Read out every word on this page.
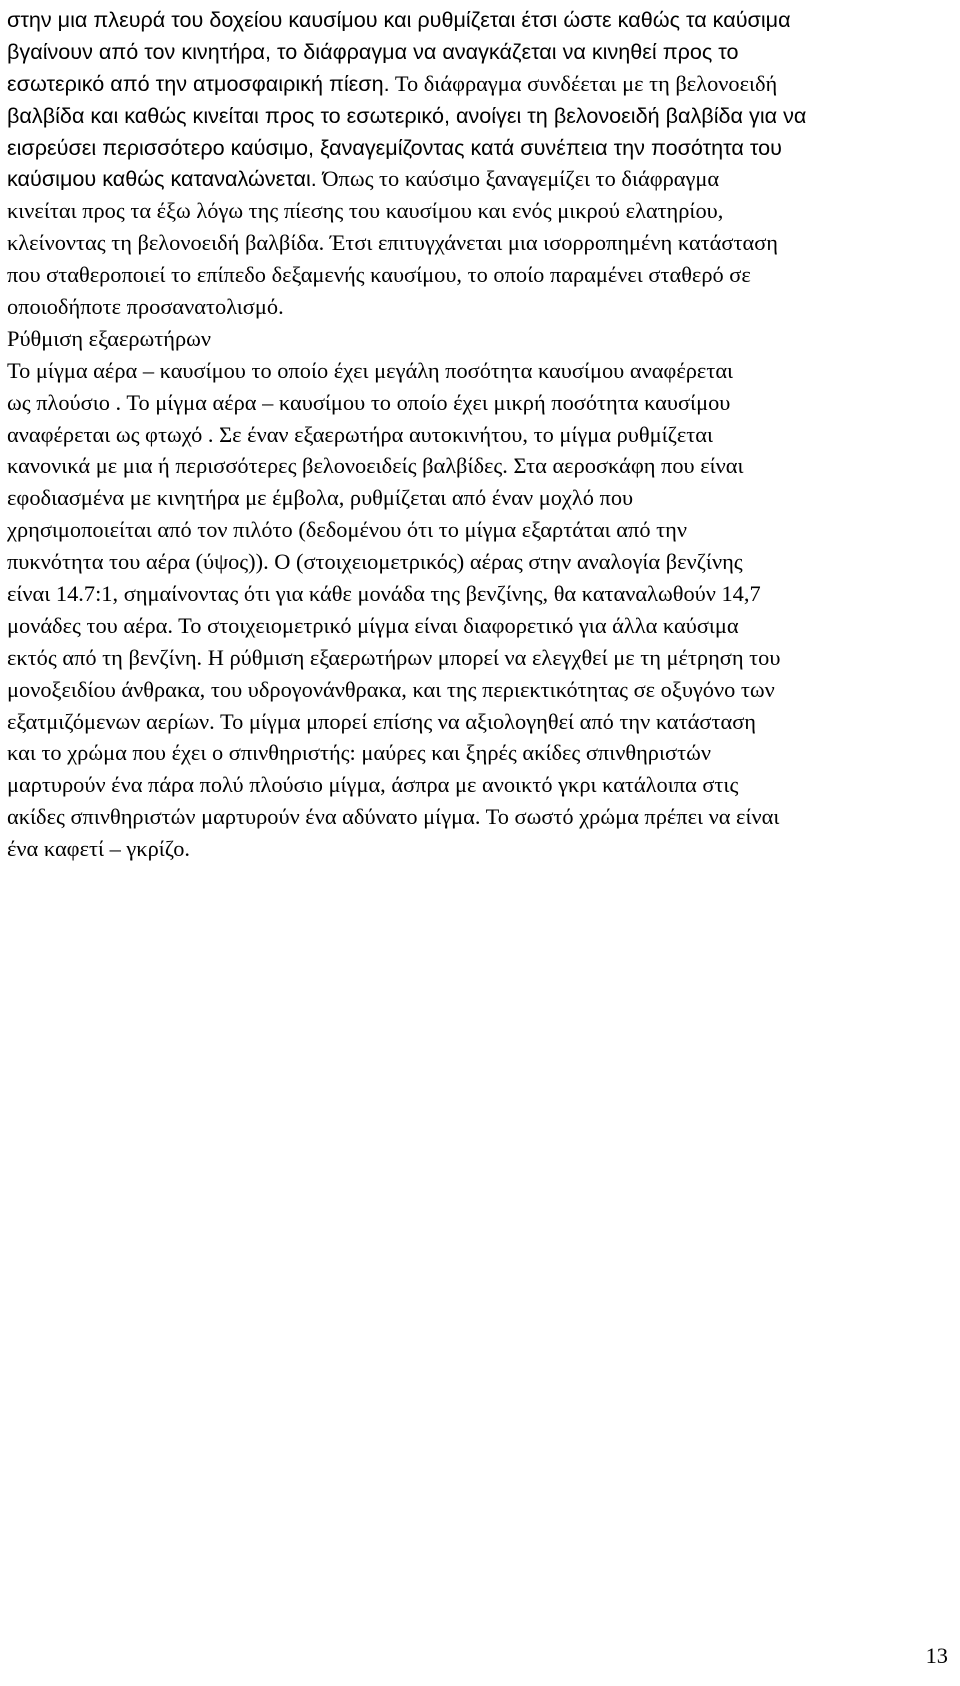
στην μια πλευρά του δοχείου καυσίμου και ρυθμίζεται έτσι ώστε καθώς τα καύσιμα
βγαίνουν από τον κινητήρα, το διάφραγμα να αναγκάζεται να κινηθεί προς το
εσωτερικό από την ατμοσφαιρική πίεση. Το διάφραγμα συνδέεται με τη βελονοειδή
βαλβίδα και καθώς κινείται προς το εσωτερικό, ανοίγει τη βελονοειδή βαλβίδα για να
εισρεύσει περισσότερο καύσιμο, ξαναγεμίζοντας κατά συνέπεια την ποσότητα του
καύσιμου καθώς καταναλώνεται. Όπως το καύσιμο ξαναγεμίζει το διάφραγμα
κινείται προς τα έξω λόγω της πίεσης του καυσίμου και ενός μικρού ελατηρίου,
κλείνοντας τη βελονοειδή βαλβίδα. Έτσι επιτυγχάνεται μια ισορροπημένη κατάσταση
που σταθεροποιεί το επίπεδο δεξαμενής καυσίμου, το οποίο παραμένει σταθερό σε
οποιοδήποτε προσανατολισμό.
Ρύθμιση εξαερωτήρων
Το μίγμα αέρα – καυσίμου το οποίο έχει μεγάλη ποσότητα καυσίμου αναφέρεται
ως πλούσιο . Το μίγμα αέρα – καυσίμου το οποίο έχει μικρή ποσότητα καυσίμου
αναφέρεται ως φτωχό . Σε έναν εξαερωτήρα αυτοκινήτου, το μίγμα ρυθμίζεται
κανονικά με μια ή περισσότερες βελονοειδείς βαλβίδες. Στα αεροσκάφη που είναι
εφοδιασμένα με κινητήρα με έμβολα, ρυθμίζεται από έναν μοχλό που
χρησιμοποιείται από τον πιλότο (δεδομένου ότι το μίγμα εξαρτάται από την
πυκνότητα του αέρα (ύψος)). Ο (στοιχειομετρικός) αέρας στην αναλογία βενζίνης
είναι 14.7:1, σημαίνοντας ότι για κάθε μονάδα της βενζίνης, θα καταναλωθούν 14,7
μονάδες του αέρα. Το στοιχειομετρικό μίγμα είναι διαφορετικό για άλλα καύσιμα
εκτός από τη βενζίνη. Η ρύθμιση εξαερωτήρων μπορεί να ελεγχθεί με τη μέτρηση του
μονοξειδίου άνθρακα, του υδρογονάνθρακα, και της περιεκτικότητας σε οξυγόνο των
εξατμιζόμενων αερίων. Το μίγμα μπορεί επίσης να αξιολογηθεί από την κατάσταση
και το χρώμα που έχει ο σπινθηριστής: μαύρες και ξηρές ακίδες σπινθηριστών
μαρτυρούν ένα πάρα πολύ πλούσιο μίγμα, άσπρα με ανοικτό γκρι κατάλοιπα στις
ακίδες σπινθηριστών μαρτυρούν ένα αδύνατο μίγμα. Το σωστό χρώμα πρέπει να είναι
ένα καφετί – γκρίζο.
13
